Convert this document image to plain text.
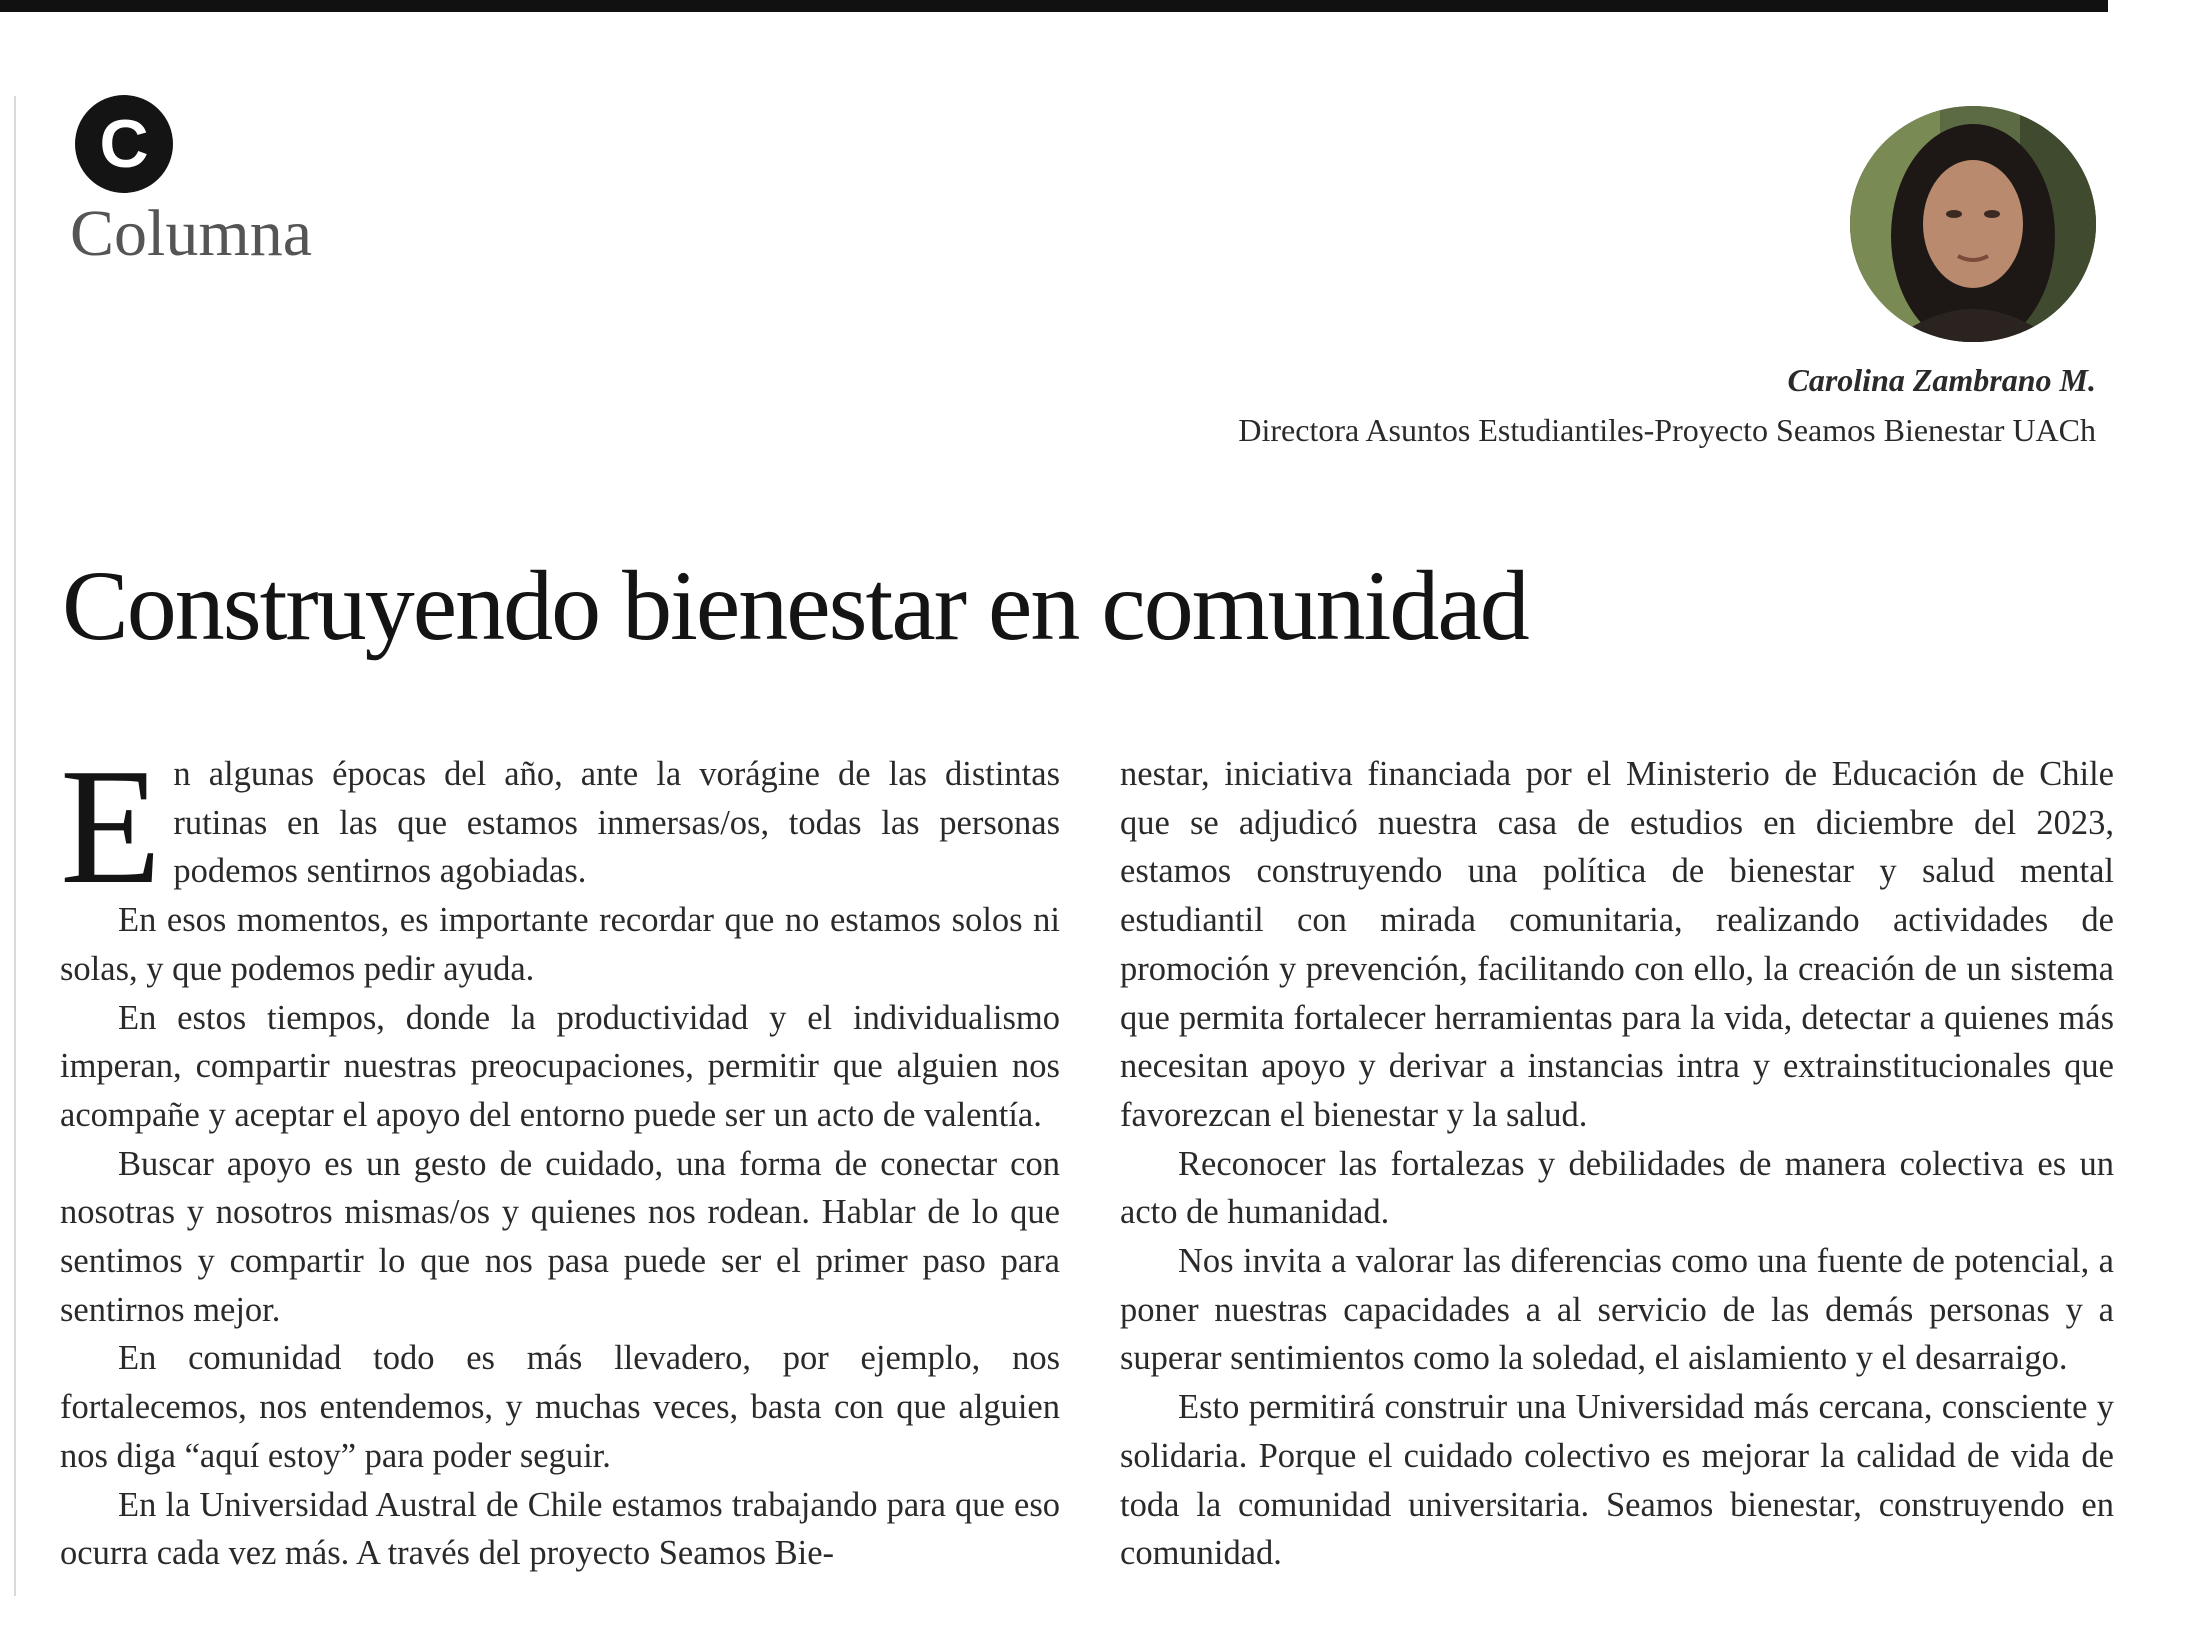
C
Columna
Carolina Zambrano M.
Directora Asuntos Estudiantiles-Proyecto Seamos Bienestar UACh
Construyendo bienestar en comunidad

En algunas épocas del año, ante la vorágine de las distintas rutinas en las que estamos inmersas/os, todas las personas podemos sentirnos agobiadas.

En esos momentos, es importante recordar que no estamos solos ni solas, y que podemos pedir ayuda.

En estos tiempos, donde la productividad y el individualismo imperan, compartir nuestras preocupaciones, permitir que alguien nos acompañe y aceptar el apoyo del entorno puede ser un acto de valentía.

Buscar apoyo es un gesto de cuidado, una forma de conectar con nosotras y nosotros mismas/os y quienes nos rodean. Hablar de lo que sentimos y compartir lo que nos pasa puede ser el primer paso para sentirnos mejor.

En comunidad todo es más llevadero, por ejemplo, nos fortalecemos, nos entendemos, y muchas veces, basta con que alguien nos diga “aquí estoy” para poder seguir.

En la Universidad Austral de Chile estamos trabajando para que eso ocurra cada vez más. A través del proyecto Seamos Bie-

nestar, iniciativa financiada por el Ministerio de Educación de Chile que se adjudicó nuestra casa de estudios en diciembre del 2023, estamos construyendo una política de bienestar y salud mental estudiantil con mirada comunitaria, realizando actividades de promoción y prevención, facilitando con ello, la creación de un sistema que permita fortalecer herramientas para la vida, detectar a quienes más necesitan apoyo y derivar a instancias intra y extrainstitucionales que favorezcan el bienestar y la salud.

Reconocer las fortalezas y debilidades de manera colectiva es un acto de humanidad.

Nos invita a valorar las diferencias como una fuente de potencial, a poner nuestras capacidades a al servicio de las demás personas y a superar sentimientos como la soledad, el aislamiento y el desarraigo.

Esto permitirá construir una Universidad más cercana, consciente y solidaria. Porque el cuidado colectivo es mejorar la calidad de vida de toda la comunidad universitaria. Seamos bienestar, construyendo en comunidad.
